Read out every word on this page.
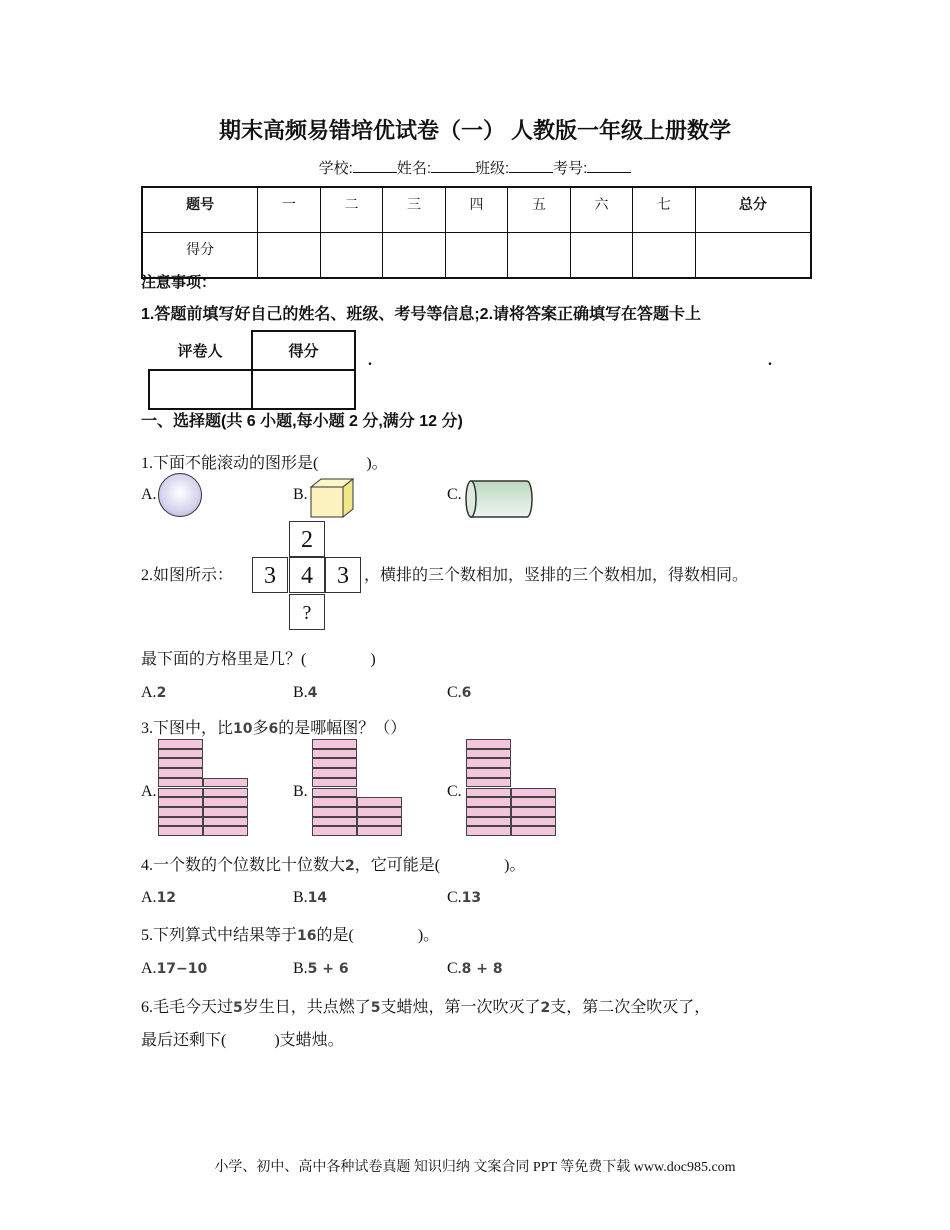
期末高频易错培优试卷（一） 人教版一年级上册数学
学校:	姓名:	班级:	考号:
题号	一	二	三	四	五	六	七	总分
得分								
注意事项：
1.答题前填写好自己的姓名、班级、考号等信息;2.请将答案正确填写在答题卡上
评卷人	得分

.	.
一、选择题(共 6 小题,每小题 2 分,满分 12 分)
1.下面不能滚动的图形是(　　　)。
A.	B.	C.
2.如图所示：
2
3	4	3
?
，横排的三个数相加，竖排的三个数相加，得数相同。
最下面的方格里是几？(　　　　)
A.2	B.4	C.6
3.下图中，比10多6的是哪幅图？（）
A.	B.	C.
4.一个数的个位数比十位数大2，它可能是(　　　　)。
A.12	B.14	C.13
5.下列算式中结果等于16的是(　　　　)。
A.17−10	B.5 + 6	C.8 + 8
6.毛毛今天过5岁生日，共点燃了5支蜡烛，第一次吹灭了2支，第二次全吹灭了，
最后还剩下(　　　)支蜡烛。
小学、初中、高中各种试卷真题 知识归纳 文案合同 PPT 等免费下载 www.doc985.com
